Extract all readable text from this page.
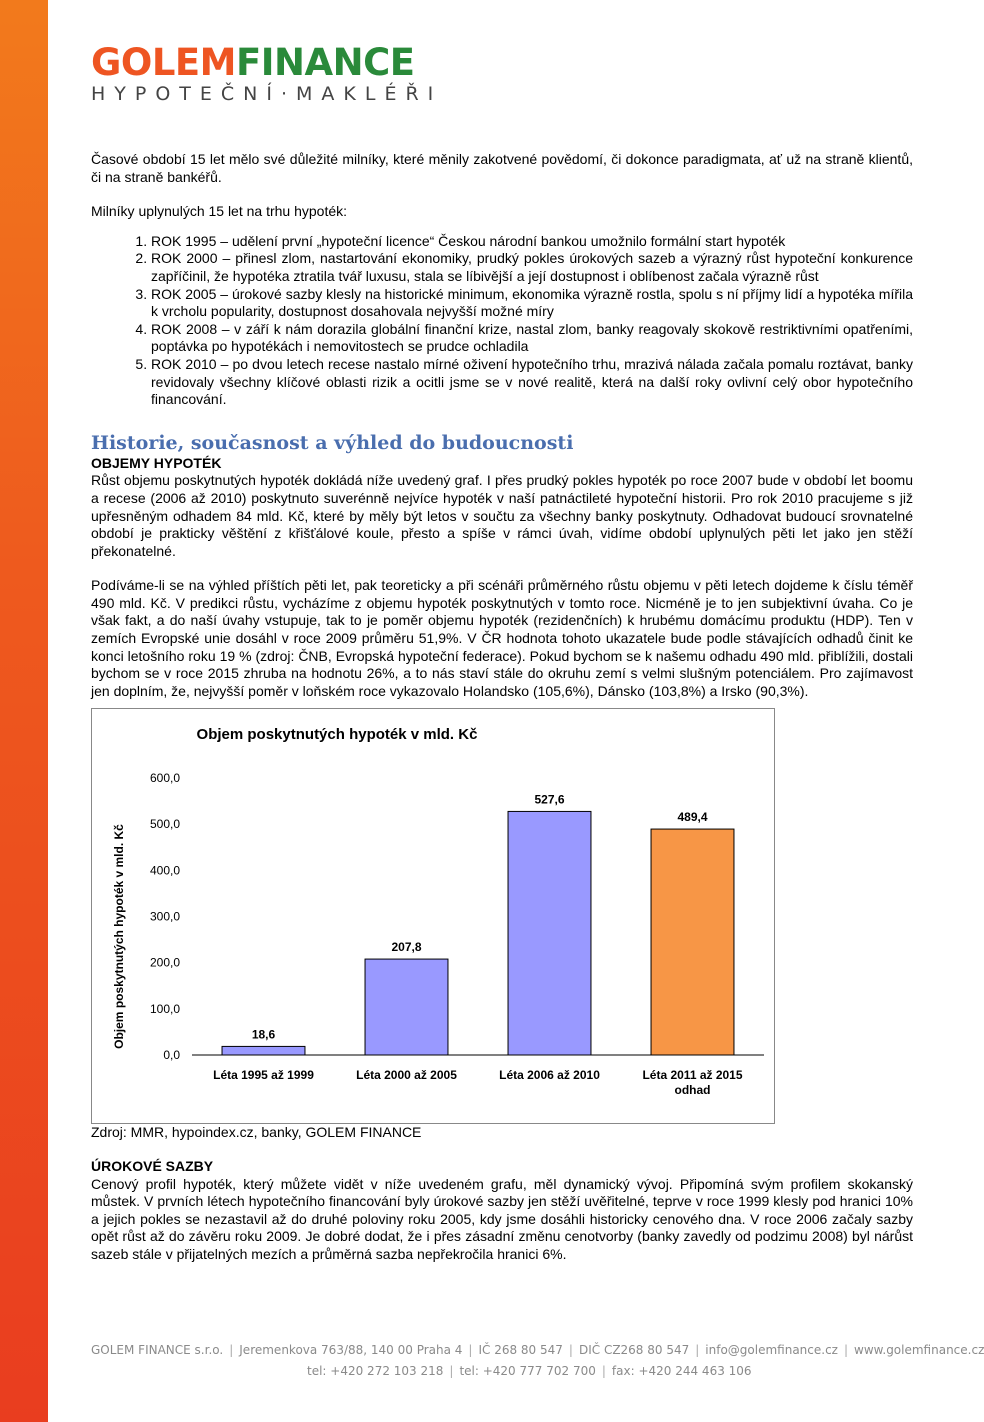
GOLEMFINANCE
HYPOTEČNÍ·MAKLÉŘI

Časové období 15 let mělo své důležité milníky, které měnily zakotvené povědomí, či dokonce paradigmata, ať už na straně klientů, či na straně bankéřů.

Milníky uplynulých 15 let na trhu hypoték:

1. ROK 1995 – udělení první „hypoteční licence“ Českou národní bankou umožnilo formální start hypoték
2. ROK 2000 – přinesl zlom, nastartování ekonomiky, prudký pokles úrokových sazeb a výrazný růst hypoteční konkurence zapříčinil, že hypotéka ztratila tvář luxusu, stala se líbivější a její dostupnost i oblíbenost začala výrazně růst
3. ROK 2005 – úrokové sazby klesly na historické minimum, ekonomika výrazně rostla, spolu s ní příjmy lidí a hypotéka mířila k vrcholu popularity, dostupnost dosahovala nejvyšší možné míry
4. ROK 2008 – v září k nám dorazila globální finanční krize, nastal zlom, banky reagovaly skokově restriktivními opatřeními, poptávka po hypotékách i nemovitostech se prudce ochladila
5. ROK 2010 – po dvou letech recese nastalo mírné oživení hypotečního trhu, mrazivá nálada začala pomalu roztávat, banky revidovaly všechny klíčové oblasti rizik a ocitli jsme se v nové realitě, která na další roky ovlivní celý obor hypotečního financování.
Historie, současnost a výhled do budoucnosti
OBJEMY HYPOTÉK

Růst objemu poskytnutých hypoték dokládá níže uvedený graf. I přes prudký pokles hypoték po roce 2007 bude v období let boomu a recese (2006 až 2010) poskytnuto suverénně nejvíce hypoték v naší patnáctileté hypoteční historii. Pro rok 2010 pracujeme s již upřesněným odhadem 84 mld. Kč, které by měly být letos v součtu za všechny banky poskytnuty. Odhadovat budoucí srovnatelné období je prakticky věštění z křišťálové koule, přesto a spíše v rámci úvah, vidíme období uplynulých pěti let jako jen stěží překonatelné.

Podíváme-li se na výhled příštích pěti let, pak teoreticky a při scénáři průměrného růstu objemu v pěti letech dojdeme k číslu téměř 490 mld. Kč. V predikci růstu, vycházíme z objemu hypoték poskytnutých v tomto roce. Nicméně je to jen subjektivní úvaha. Co je však fakt, a do naší úvahy vstupuje, tak to je poměr objemu hypoték (rezidenčních) k hrubému domácímu produktu (HDP). Ten v zemích Evropské unie dosáhl v roce 2009 průměru 51,9%. V ČR hodnota tohoto ukazatele bude podle stávajících odhadů činit ke konci letošního roku 19 % (zdroj: ČNB, Evropská hypoteční federace). Pokud bychom se k našemu odhadu 490 mld. přiblížili, dostali bychom se v roce 2015 zhruba na hodnotu 26%, a to nás staví stále do okruhu zemí s velmi slušným potenciálem. Pro zajímavost jen doplním, že, nejvyšší poměr v loňském roce vykazovalo Holandsko (105,6%), Dánsko (103,8%) a Irsko (90,3%).

Objem poskytnutých hypoték v mld. Kč
Objem poskytnutých hypoték v mld. Kč
0,0
100,0
200,0
300,0
400,0
500,0
600,0
18,6
Léta 1995 až 1999
207,8
Léta 2000 až 2005
527,6
Léta 2006 až 2010
489,4
Léta 2011 až 2015
odhad

Zdroj: MMR, hypoindex.cz, banky, GOLEM FINANCE

ÚROKOVÉ SAZBY

Cenový profil hypoték, který můžete vidět v níže uvedeném grafu, měl dynamický vývoj. Připomíná svým profilem skokanský můstek. V prvních létech hypotečního financování byly úrokové sazby jen stěží uvěřitelné, teprve v roce 1999 klesly pod hranici 10% a jejich pokles se nezastavil až do druhé poloviny roku 2005, kdy jsme dosáhli historicky cenového dna. V roce 2006 začaly sazby opět růst až do závěru roku 2009. Je dobré dodat, že i přes zásadní změnu cenotvorby (banky zavedly od podzimu 2008) byl nárůst sazeb stále v přijatelných mezích a průměrná sazba nepřekročila hranici 6%.

GOLEM FINANCE s.r.o. | Jeremenkova 763/88, 140 00 Praha 4 | IČ 268 80 547 | DIČ CZ268 80 547 | info@golemfinance.cz | www.golemfinance.cz
tel: +420 272 103 218 | tel: +420 777 702 700 | fax: +420 244 463 106
